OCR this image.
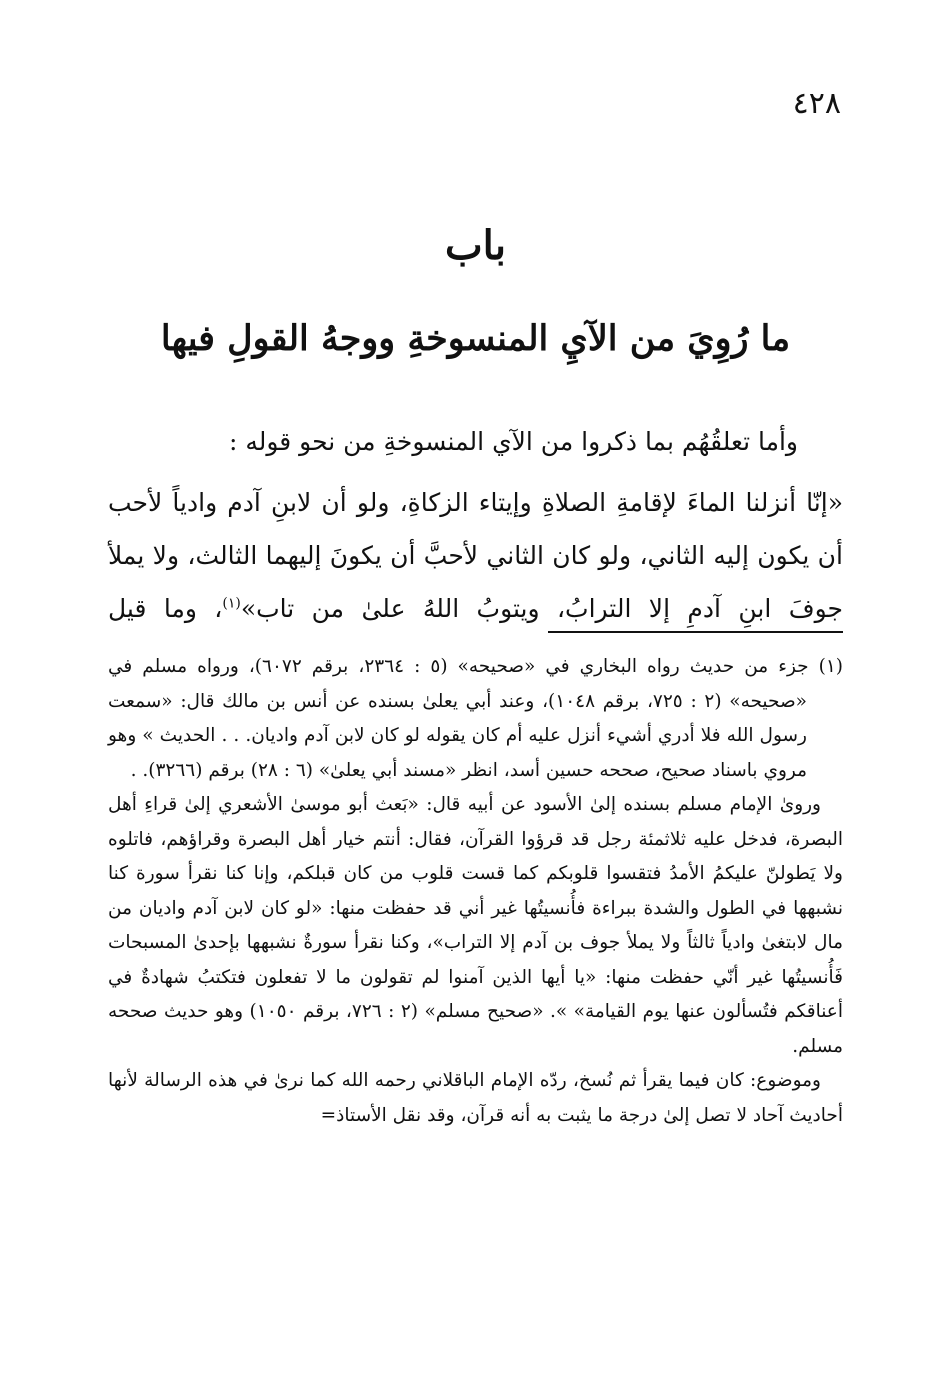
٤٢٨
باب
ما رُوِيَ من الآيِ المنسوخةِ ووجهُ القولِ فيها

وأما تعلقُهُم بما ذكروا من الآي المنسوخةِ من نحو قوله :

«إنّا أنزلنا الماءَ لإقامةِ الصلاةِ وإيتاء الزكاةِ، ولو أن لابنِ آدم وادياً لأحب أن يكون إليه الثاني، ولو كان الثاني لأحبَّ أن يكونَ إليهما الثالث، ولا يملأ جوفَ ابنِ آدمِ إلا الترابُ، ويتوبُ اللهُ علىٰ من تاب»$^{(١)}$، وما قيل

(١) جزء من حديث رواه البخاري في «صحيحه» (٥ : ٢٣٦٤، برقم ٦٠٧٢)، ورواه مسلم في «صحيحه» (٢ : ٧٢٥، برقم ١٠٤٨)، وعند أبي يعلىٰ بسنده عن أنس بن مالك قال: «سمعت رسول الله فلا أدري أشيء أنزل عليه أم كان يقوله لو كان لابن آدم واديان. . . الحديث » وهو مروي باسناد صحيح، صححه حسين أسد، انظر «مسند أبي يعلىٰ» (٦ : ٢٨) برقم (٣٢٦٦). .

وروىٰ الإمام مسلم بسنده إلىٰ الأسود عن أبيه قال: «بَعث أبو موسىٰ الأشعري إلىٰ قراءِ أهل البصرة، فدخل عليه ثلاثمئة رجل قد قرؤوا القرآن، فقال: أنتم خيار أهل البصرة وقراؤهم، فاتلوه ولا يَطولنّ عليكمُ الأمدُ فتقسوا قلوبكم كما قست قلوب من كان قبلكم، وإنا كنا نقرأ سورة كنا نشبهها في الطول والشدة ببراءة فأُنسيتُها غير أني قد حفظت منها: «لو كان لابن آدم واديان من مال لابتغىٰ وادياً ثالثاً ولا يملأ جوف بن آدم إلا التراب»، وكنا نقرأ سورةٌ نشبهها بإحدىٰ المسبحات فَأُنسيتُها غير أنّي حفظت منها: «يا أيها الذين آمنوا لم تقولون ما لا تفعلون فتكتبُ شهادةٌ في أعناقكم فتُسألون عنها يوم القيامة» ». «صحيح مسلم» (٢ : ٧٢٦، برقم ١٠٥٠) وهو حديث صححه مسلم.

وموضوع: كان فيما يقرأ ثم نُسخ، ردّه الإمام الباقلاني رحمه الله كما نرىٰ في هذه الرسالة لأنها أحاديث آحاد لا تصل إلىٰ درجة ما يثبت به أنه قرآن، وقد نقل الأستاذ=
